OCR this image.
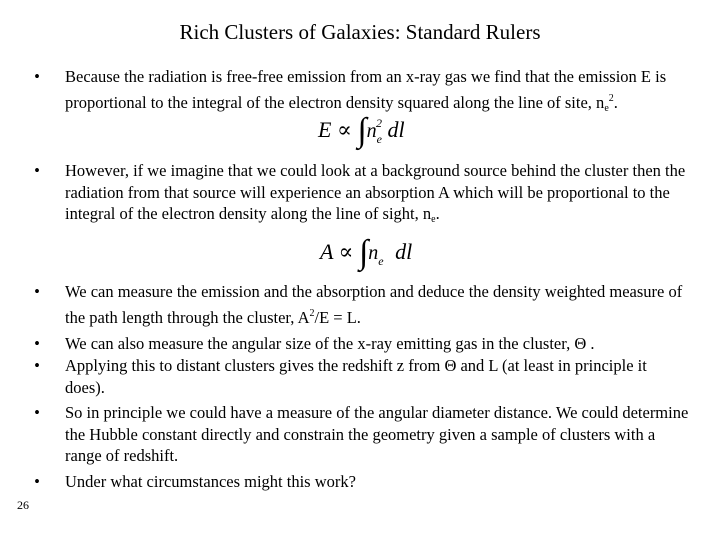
Rich Clusters of Galaxies: Standard Rulers
• Because the radiation is free-free emission from an x-ray gas we find that the emission E is proportional to the integral of the electron density squared along the line of site, $n_e^2$.
$E \propto \int n_e^2$ dl
• However, if we imagine that we could look at a background source behind the cluster then the radiation from that source will experience an absorption A which will be proportional to the integral of the electron density along the line of sight, $n_e$.
$A \propto \int n_e$ dl
• We can measure the emission and the absorption and deduce the density weighted measure of the path length through the cluster, $A^2/E = L$.
• We can also measure the angular size of the x-ray emitting gas in the cluster, Θ .
• Applying this to distant clusters gives the redshift z from Θ and L (at least in principle it does).
• So in principle we could have a measure of the angular diameter distance. We could determine the Hubble constant directly and constrain the geometry given a sample of clusters with a range of redshift.
• Under what circumstances might this work?
26
